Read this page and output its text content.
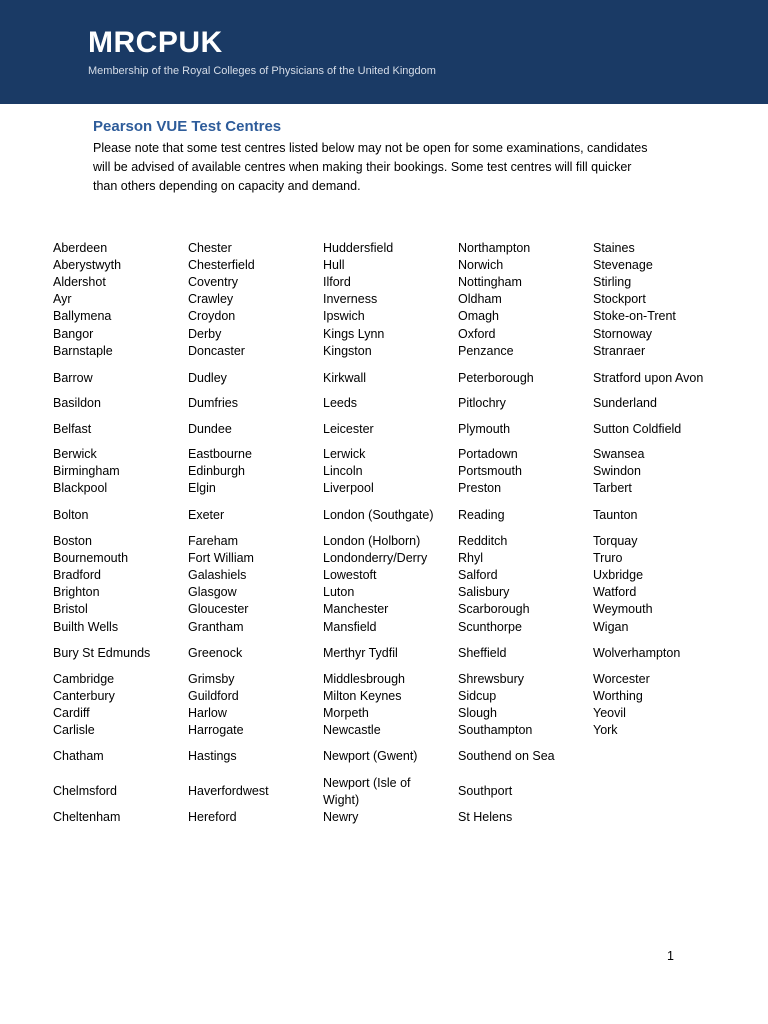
MRCPUK
Membership of the Royal Colleges of Physicians of the United Kingdom
Pearson VUE Test Centres
Please note that some test centres listed below may not be open for some examinations, candidates
will be advised of available centres when making their bookings. Some test centres will fill quicker
than others depending on capacity and demand.
Aberdeen
Aberystwyth
Aldershot
Ayr
Ballymena
Bangor
Barnstaple
Barrow
Basildon
Belfast
Berwick
Birmingham
Blackpool
Bolton
Boston
Bournemouth
Bradford
Brighton
Bristol
Builth Wells
Bury St Edmunds
Cambridge
Canterbury
Cardiff
Carlisle
Chatham
Chelmsford
Cheltenham
Chester
Chesterfield
Coventry
Crawley
Croydon
Derby
Doncaster
Dudley
Dumfries
Dundee
Eastbourne
Edinburgh
Elgin
Exeter
Fareham
Fort William
Galashiels
Glasgow
Gloucester
Grantham
Greenock
Grimsby
Guildford
Harlow
Harrogate
Hastings
Haverfordwest
Hereford
Huddersfield
Hull
Ilford
Inverness
Ipswich
Kings Lynn
Kingston
Kirkwall
Leeds
Leicester
Lerwick
Lincoln
Liverpool
London (Southgate)
London (Holborn)
Londonderry/Derry
Lowestoft
Luton
Manchester
Mansfield
Merthyr Tydfil
Middlesbrough
Milton Keynes
Morpeth
Newcastle
Newport (Gwent)
Newport (Isle of Wight)
Newry
Northampton
Norwich
Nottingham
Oldham
Omagh
Oxford
Penzance
Peterborough
Pitlochry
Plymouth
Portadown
Portsmouth
Preston
Reading
Redditch
Rhyl
Salford
Salisbury
Scarborough
Scunthorpe
Sheffield
Shrewsbury
Sidcup
Slough
Southampton
Southend on Sea
Southport
St Helens
Staines
Stevenage
Stirling
Stockport
Stoke-on-Trent
Stornoway
Stranraer
Stratford upon Avon
Sunderland
Sutton Coldfield
Swansea
Swindon
Tarbert
Taunton
Torquay
Truro
Uxbridge
Watford
Weymouth
Wigan
Wolverhampton
Worcester
Worthing
Yeovil
York
1
